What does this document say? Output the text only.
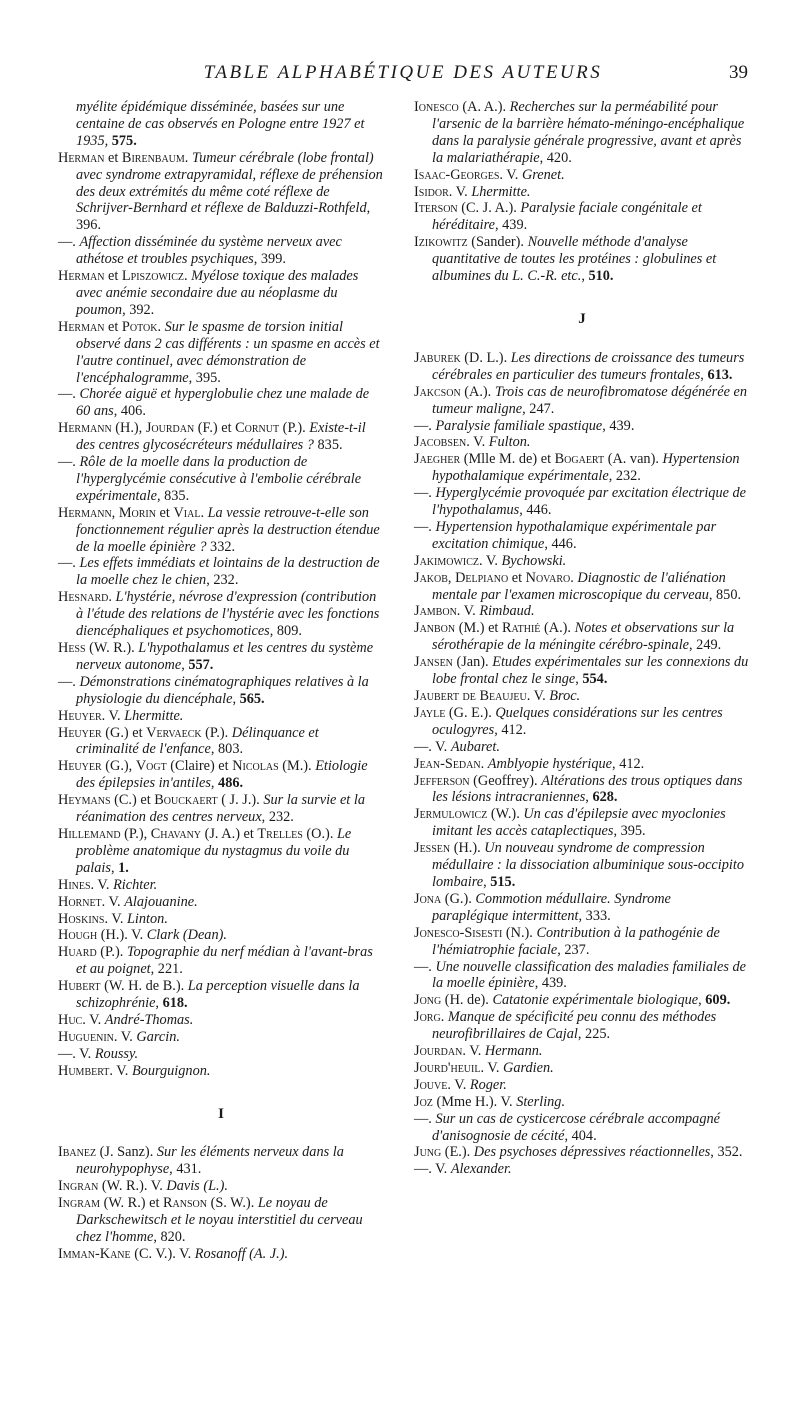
TABLE ALPHABÉTIQUE DES AUTEURS	39

myélite épidémique disséminée, basées sur une centaine de cas observés en Pologne entre 1927 et 1935, 575.

Herman et Birenbaum. Tumeur cérébrale (lobe frontal) avec syndrome extrapyramidal, réflexe de préhension des deux extrémités du même coté réflexe de Schrijver-Bernhard et réflexe de Balduzzi-Rothfeld, 396.

—. Affection disséminée du système nerveux avec athétose et troubles psychiques, 399.

Herman et Lpiszowicz. Myélose toxique des malades avec anémie secondaire due au néoplasme du poumon, 392.

Herman et Potok. Sur le spasme de torsion initial observé dans 2 cas différents : un spasme en accès et l'autre continuel, avec démonstration de l'encéphalogramme, 395.

—. Chorée aiguë et hyperglobulie chez une malade de 60 ans, 406.

Hermann (H.), Jourdan (F.) et Cornut (P.). Existe-t-il des centres glycosécréteurs médullaires ? 835.

—. Rôle de la moelle dans la production de l'hyperglycémie consécutive à l'embolie cérébrale expérimentale, 835.

Hermann, Morin et Vial. La vessie retrouve-t-elle son fonctionnement régulier après la destruction étendue de la moelle épinière ? 332.

—. Les effets immédiats et lointains de la destruction de la moelle chez le chien, 232.

Hesnard. L'hystérie, névrose d'expression (contribution à l'étude des relations de l'hystérie avec les fonctions diencéphaliques et psychomotices, 809.

Hess (W. R.). L'hypothalamus et les centres du système nerveux autonome, 557.

—. Démonstrations cinématographiques relatives à la physiologie du diencéphale, 565.

Heuyer. V. Lhermitte.

Heuyer (G.) et Vervaeck (P.). Délinquance et criminalité de l'enfance, 803.

Heuyer (G.), Vogt (Claire) et Nicolas (M.). Etiologie des épilepsies in'antiles, 486.

Heymans (C.) et Bouckaert ( J. J.). Sur la survie et la réanimation des centres nerveux, 232.

Hillemand (P.), Chavany (J. A.) et Trelles (O.). Le problème anatomique du nystagmus du voile du palais, 1.

Hines. V. Richter.

Hornet. V. Alajouanine.

Hoskins. V. Linton.

Hough (H.). V. Clark (Dean).

Huard (P.). Topographie du nerf médian à l'avant-bras et au poignet, 221.

Hubert (W. H. de B.). La perception visuelle dans la schizophrénie, 618.

Huc. V. André-Thomas.

Huguenin. V. Garcin.

—. V. Roussy.

Humbert. V. Bourguignon.

I

Ibanez (J. Sanz). Sur les éléments nerveux dans la neurohypophyse, 431.

Ingran (W. R.). V. Davis (L.).

Ingram (W. R.) et Ranson (S. W.). Le noyau de Darkschewitsch et le noyau interstitiel du cerveau chez l'homme, 820.

Imman-Kane (C. V.). V. Rosanoff (A. J.).

Ionesco (A. A.). Recherches sur la perméabilité pour l'arsenic de la barrière hémato-méningo-encéphalique dans la paralysie générale progressive, avant et après la malariathérapie, 420.

Isaac-Georges. V. Grenet.

Isidor. V. Lhermitte.

Iterson (C. J. A.). Paralysie faciale congénitale et héréditaire, 439.

Izikowitz (Sander). Nouvelle méthode d'analyse quantitative de toutes les protéines : globulines et albumines du L. C.-R. etc., 510.

J

Jaburek (D. L.). Les directions de croissance des tumeurs cérébrales en particulier des tumeurs frontales, 613.

Jakcson (A.). Trois cas de neurofibromatose dégénérée en tumeur maligne, 247.

—. Paralysie familiale spastique, 439.

Jacobsen. V. Fulton.

Jaegher (Mlle M. de) et Bogaert (A. van). Hypertension hypothalamique expérimentale, 232.

—. Hyperglycémie provoquée par excitation électrique de l'hypothalamus, 446.

—. Hypertension hypothalamique expérimentale par excitation chimique, 446.

Jakimowicz. V. Bychowski.

Jakob, Delpiano et Novaro. Diagnostic de l'aliénation mentale par l'examen microscopique du cerveau, 850.

Jambon. V. Rimbaud.

Janbon (M.) et Rathié (A.). Notes et observations sur la sérothérapie de la méningite cérébro-spinale, 249.

Jansen (Jan). Etudes expérimentales sur les connexions du lobe frontal chez le singe, 554.

Jaubert de Beaujeu. V. Broc.

Jayle (G. E.). Quelques considérations sur les centres oculogyres, 412.

—. V. Aubaret.

Jean-Sedan. Amblyopie hystérique, 412.

Jefferson (Geoffrey). Altérations des trous optiques dans les lésions intracraniennes, 628.

Jermulowicz (W.). Un cas d'épilepsie avec myoclonies imitant les accès cataplectiques, 395.

Jessen (H.). Un nouveau syndrome de compression médullaire : la dissociation albuminique sous-occipito lombaire, 515.

Jona (G.). Commotion médullaire. Syndrome paraplégique intermittent, 333.

Jonesco-Sisesti (N.). Contribution à la pathogénie de l'hémiatrophie faciale, 237.

—. Une nouvelle classification des maladies familiales de la moelle épinière, 439.

Jong (H. de). Catatonie expérimentale biologique, 609.

Jorg. Manque de spécificité peu connu des méthodes neurofibrillaires de Cajal, 225.

Jourdan. V. Hermann.

Jourd'heuil. V. Gardien.

Jouve. V. Roger.

Joz (Mme H.). V. Sterling.

—. Sur un cas de cysticercose cérébrale accompagné d'anisognosie de cécité, 404.

Jung (E.). Des psychoses dépressives réactionnelles, 352.

—. V. Alexander.
